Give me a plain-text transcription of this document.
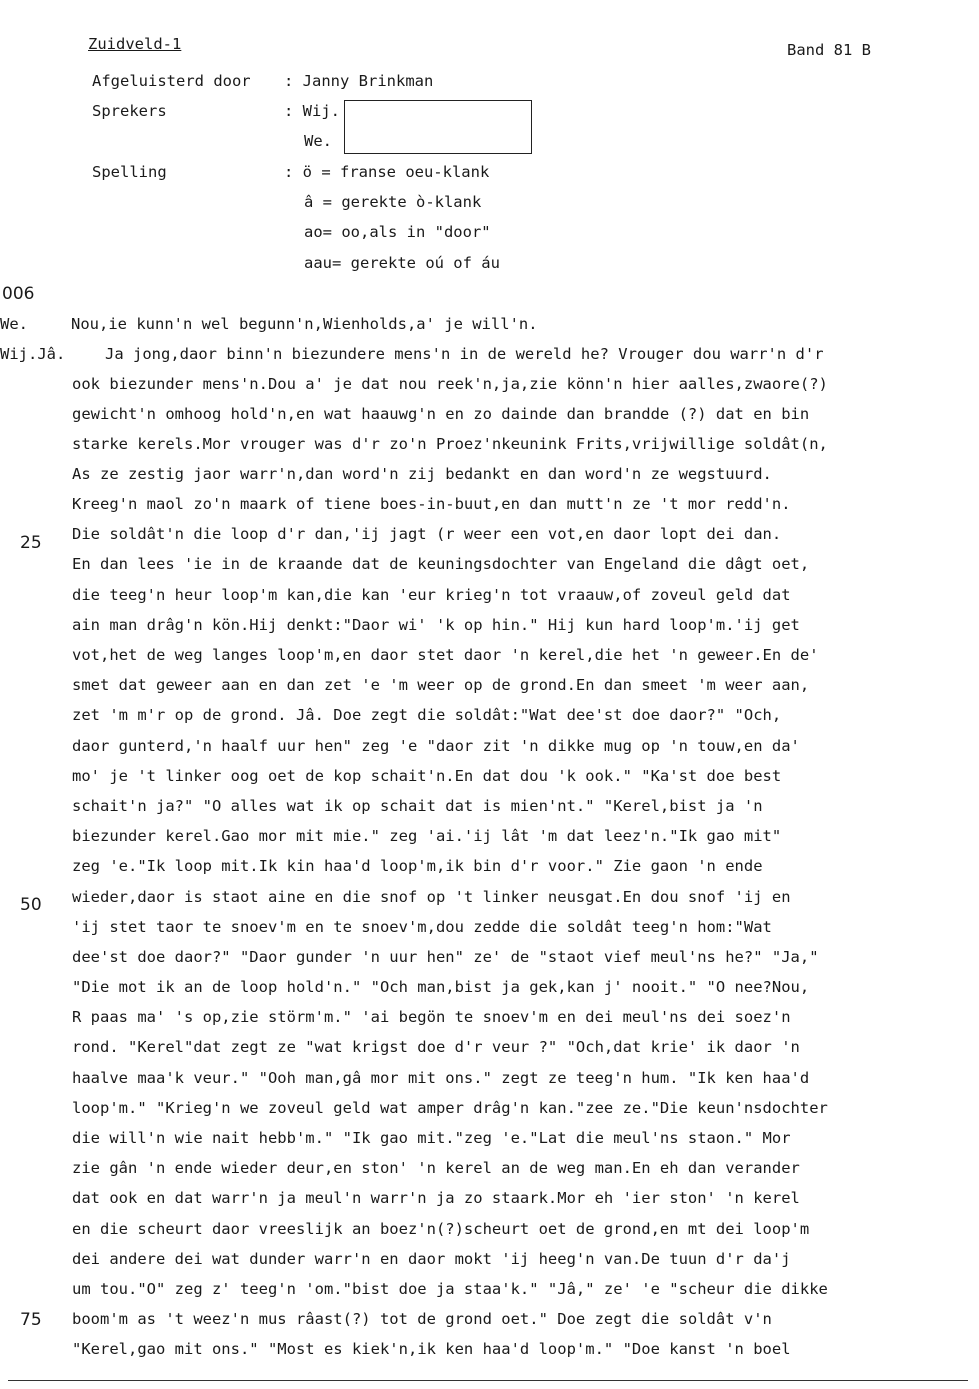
Zuidveld-1	Band 81 B
Afgeluisterd door : Janny Brinkman
Sprekers	: Wij.
We.
Spelling	: ö = franse oeu-klank
â = gerekte ò-klank
ao= oo,als in "door"
aau= gerekte oú of áu
006
25
50
75
We.
Wij.Jâ.
Nou,ie kunn'n wel begunn'n,Wienholds,a' je will'n.
Ja jong,daor binn'n biezundere mens'n in de wereld he? Vrouger dou warr'n d'r
ook biezunder mens'n.Dou a' je dat nou reek'n,ja,zie könn'n hier aalles,zwaore(?)
gewicht'n omhoog hold'n,en wat haauwg'n en zo dainde dan brandde (?) dat en bin
starke kerels.Mor vrouger was d'r zo'n Proez'nkeunink Frits,vrijwillige soldât(n,
As ze zestig jaor warr'n,dan word'n zij bedankt en dan word'n ze wegstuurd.
Kreeg'n maol zo'n maark of tiene boes-in-buut,en dan mutt'n ze 't mor redd'n.
Die soldât'n die loop d'r dan,'ij jagt (r weer een vot,en daor lopt dei dan.
En dan lees 'ie in de kraande dat de keuningsdochter van Engeland die dâgt oet,
die teeg'n heur loop'm kan,die kan 'eur krieg'n tot vraauw,of zoveul geld dat
ain man drâg'n kön.Hij denkt:"Daor wi' 'k op hin." Hij kun hard loop'm.'ij get
vot,het de weg langes loop'm,en daor stet daor 'n kerel,die het 'n geweer.En de'
smet dat geweer aan en dan zet 'e 'm weer op de grond.En dan smeet 'm weer aan,
zet 'm m'r op de grond. Jâ. Doe zegt die soldât:"Wat dee'st doe daor?" "Och,
daor gunterd,'n haalf uur hen" zeg 'e "daor zit 'n dikke mug op 'n touw,en da'
mo' je 't linker oog oet de kop schait'n.En dat dou 'k ook." "Ka'st doe best
schait'n ja?" "O alles wat ik op schait dat is mien'nt." "Kerel,bist ja 'n
biezunder kerel.Gao mor mit mie." zeg 'ai.'ij lât 'm dat leez'n."Ik gao mit"
zeg 'e."Ik loop mit.Ik kin haa'd loop'm,ik bin d'r voor." Zie gaon 'n ende
wieder,daor is staot aine en die snof op 't linker neusgat.En dou snof 'ij en
'ij stet taor te snoev'm en te snoev'm,dou zedde die soldât teeg'n hom:"Wat
dee'st doe daor?" "Daor gunder 'n uur hen" ze' de "staot vief meul'ns he?" "Ja,"
"Die mot ik an de loop hold'n." "Och man,bist ja gek,kan j' nooit." "O nee?Nou,
R paas ma' 's op,zie störm'm." 'ai begön te snoev'm en dei meul'ns dei soez'n
rond. "Kerel"dat zegt ze "wat krigst doe d'r veur ?" "Och,dat krie' ik daor 'n
haalve maa'k veur." "Ooh man,gâ mor mit ons." zegt ze teeg'n hum. "Ik ken haa'd
loop'm." "Krieg'n we zoveul geld wat amper drâg'n kan."zee ze."Die keun'nsdochter
die will'n wie nait hebb'm." "Ik gao mit."zeg 'e."Lat die meul'ns staon." Mor
zie gân 'n ende wieder deur,en ston' 'n kerel an de weg man.En eh dan verander
dat ook en dat warr'n ja meul'n warr'n ja zo staark.Mor eh 'ier ston' 'n kerel
en die scheurt daor vreeslijk an boez'n(?)scheurt oet de grond,en mt dei loop'm
dei andere dei wat dunder warr'n en daor mokt 'ij heeg'n van.De tuun d'r da'j
um tou."O" zeg z' teeg'n 'om."bist doe ja staa'k." "Jâ," ze' 'e "scheur die dikke
boom'm as 't weez'n mus râast(?) tot de grond oet." Doe zegt die soldât v'n
"Kerel,gao mit ons." "Most es kiek'n,ik ken haa'd loop'm." "Doe kanst 'n boel
